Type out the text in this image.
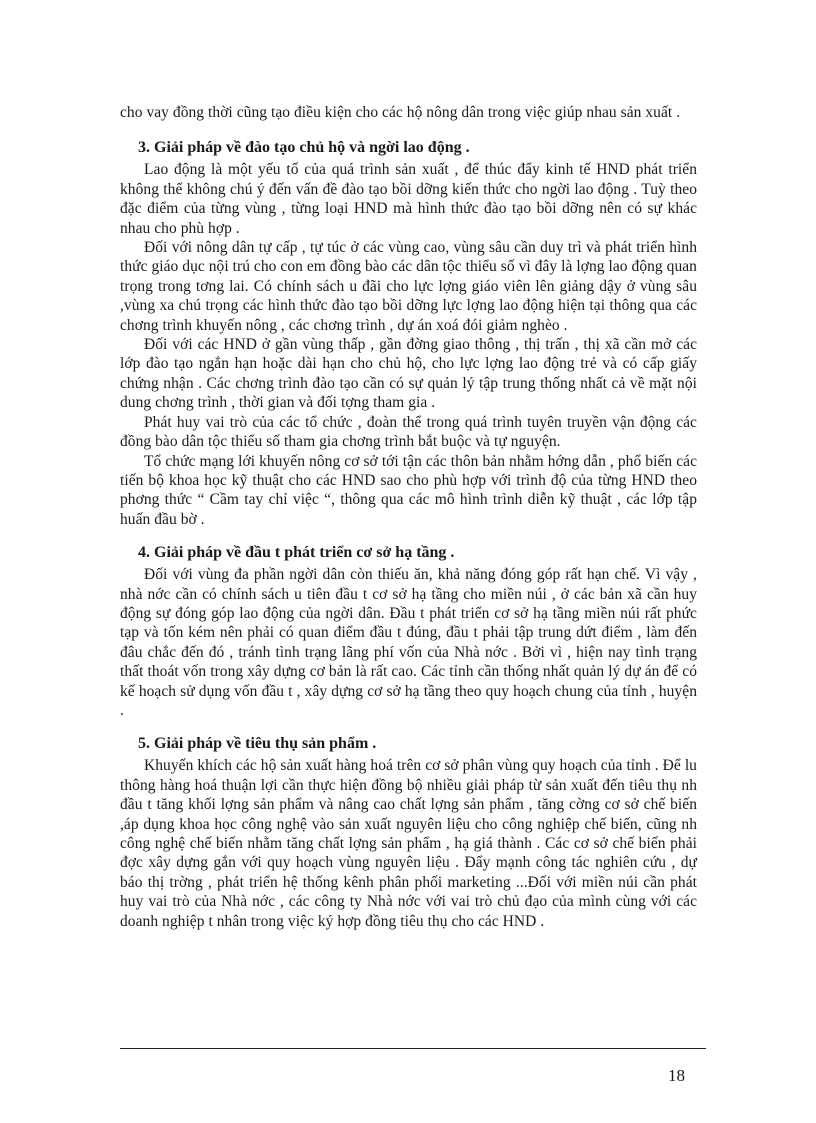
cho vay đồng thời cũng tạo điều kiện cho các hộ nông dân trong việc giúp nhau sản xuất .

3. Giải pháp về đào tạo chủ hộ và ngời lao động .

Lao động là một yếu tố của quá trình sản xuất , để thúc đẩy kinh tế HND phát triển không thể không chú ý đến vấn đề đào tạo bồi dỡng kiến thức cho ngời lao động . Tuỳ theo đặc điểm của từng vùng , từng loại HND mà hình thức đào tạo bồi dỡng nên có sự khác nhau cho phù hợp .

Đối với nông dân tự cấp , tự túc ở các vùng cao, vùng sâu cần duy trì và phát triển hình thức giáo dục nội trú cho con em đồng bào các dân tộc thiểu số vì đây là lợng lao động quan trọng trong tơng lai. Có chính sách u đãi cho lực lợng giáo viên lên giảng dậy ở vùng sâu ,vùng xa chú trọng các hình thức đào tạo bồi dỡng lực lợng lao động hiện tại thông qua các chơng trình khuyến nông , các chơng trình , dự án xoá đói giảm nghèo .

Đối với các HND ở gần vùng thấp , gần đờng giao thông , thị trấn , thị xã cần mở các lớp đào tạo ngắn hạn hoặc dài hạn cho chủ hộ, cho lực lợng lao động trẻ và có cấp giấy chứng nhận . Các chơng trình đào tạo cần có sự quản lý tập trung thống nhất cả về mặt nội dung chơng trình , thời gian và đối tợng tham gia .

Phát huy vai trò của các tổ chức , đoàn thể trong quá trình tuyên truyền vận động các đồng bào dân tộc thiểu số tham gia chơng trình bắt buộc và tự nguyện.

Tổ chức mạng lới khuyến nông cơ sở tới tận các thôn bản nhằm hớng dẫn , phổ biến các tiến bộ khoa học kỹ thuật cho các HND sao cho phù hợp với trình độ của từng HND theo phơng thức “ Cầm tay chỉ việc “, thông qua các mô hình trình diễn kỹ thuật , các lớp tập huấn đầu bờ .

4. Giải pháp về đầu t phát triển cơ sở hạ tầng .

Đối với vùng đa phần ngời dân còn thiếu ăn, khả năng đóng góp rất hạn chế. Vì vậy , nhà nớc cần có chính sách u tiên đầu t cơ sở hạ tầng cho miền núi , ở các bản xã cần huy động sự đóng góp lao động của ngời dân. Đầu t phát triển cơ sở hạ tầng miền núi rất phức tạp và tốn kém nên phải có quan điểm đầu t đúng, đầu t phải tập trung dứt điểm , làm đến đâu chắc đến đó , tránh tình trạng lãng phí vốn của Nhà nớc . Bởi vì , hiện nay tình trạng thất thoát vốn trong xây dựng cơ bản là rất cao. Các tỉnh cần thống nhất quản lý dự án để có kế hoạch sử dụng vốn đầu t , xây dựng cơ sở hạ tầng theo quy hoạch chung của tỉnh , huyện .

5. Giải pháp về tiêu thụ sản phẩm .

Khuyến khích các hộ sản xuất hàng hoá trên cơ sở phân vùng quy hoạch của tỉnh . Để lu thông hàng hoá thuận lợi cần thực hiện đồng bộ nhiều giải pháp từ sản xuất đến tiêu thụ nh đầu t tăng khối lợng sản phẩm và nâng cao chất lợng sản phẩm , tăng cờng cơ sở chế biến ,áp dụng khoa học công nghệ vào sản xuất nguyên liệu cho công nghiệp chế biến, cũng nh công nghệ chế biến nhằm tăng chất lợng sản phẩm , hạ giá thành . Các cơ sở chế biến phải đợc xây dựng gắn với quy hoạch vùng nguyên liệu . Đẩy mạnh công tác nghiên cứu , dự báo thị trờng , phát triển hệ thống kênh phân phối marketing ...Đối với miền núi cần phát huy vai trò của Nhà nớc , các công ty Nhà nớc với vai trò chủ đạo của mình cùng với các doanh nghiệp t nhân trong việc ký hợp đồng tiêu thụ cho các HND .

18
